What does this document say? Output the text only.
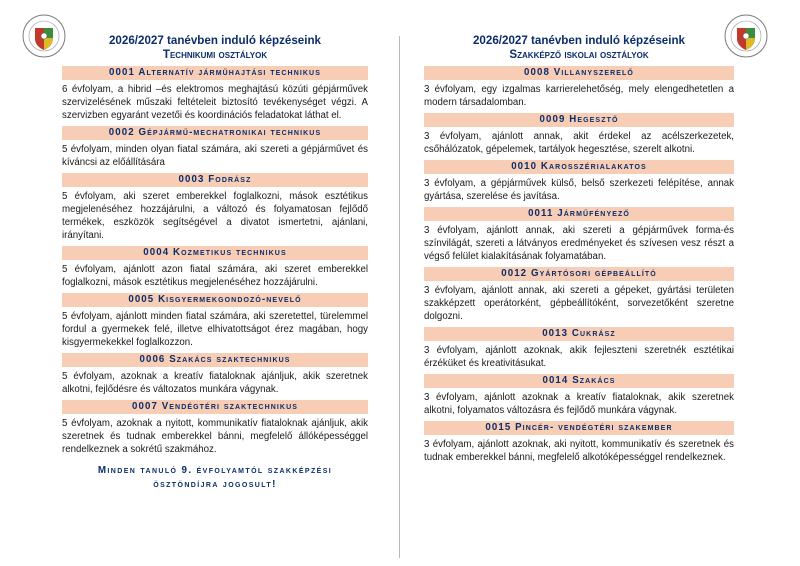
2026/2027 tanévben induló képzéseink
Technikumi osztályok
0001 Alternatív járműhajtási technikus

6 évfolyam, a hibrid –és elektromos meghajtású közúti gépjárművek szervizelésének műszaki feltételeit biztosító tevékenységet végzi. A szervizben egyaránt vezetői és koordinációs feladatokat láthat el.

0002 Gépjármű-mechatronikai technikus

5 évfolyam, minden olyan fiatal számára, aki szereti a gépjárművet és kíváncsi az előállítására

0003 Fodrász

5 évfolyam, aki szeret emberekkel foglalkozni, mások esztétikus megjelenéséhez hozzájárulni, a változó és folyamatosan fejlődő termékek, eszközök segítségével a divatot ismertetni, ajánlani, irányítani.

0004 Kozmetikus technikus

5 évfolyam, ajánlott azon fiatal számára, aki szeret emberekkel foglalkozni, mások esztétikus megjelenéséhez hozzájárulni.

0005 Kisgyermekgondozó-nevelő

5 évfolyam, ajánlott minden fiatal számára, aki szeretettel, türelemmel fordul a gyermekek felé, illetve elhivatottságot érez magában, hogy kisgyermekekkel foglalkozzon.

0006 Szakács szaktechnikus

5 évfolyam, azoknak a kreatív fiataloknak ajánljuk, akik szeretnek alkotni, fejlődésre és változatos munkára vágynak.

0007 Vendégtéri szaktechnikus

5 évfolyam, azoknak a nyitott, kommunikatív fiataloknak ajánljuk, akik szeretnek és tudnak emberekkel bánni, megfelelő állóképességgel rendelkeznek a sokrétű szakmához.

Minden tanuló 9. évfolyamtól szakképzési
ösztöndíjra jogosult!
2026/2027 tanévben induló képzéseink
Szakképző iskolai osztályok
0008 Villanyszerelő

3 évfolyam, egy izgalmas karrierelehetőség, mely elengedhetetlen a modern társadalomban.

0009 Hegesztő

3 évfolyam, ajánlott annak, akit érdekel az acélszerkezetek, csőhálózatok, gépelemek, tartályok hegesztése, szerelt alkotni.

0010 Karosszérialakatos

3 évfolyam, a gépjárművek külső, belső szerkezeti felépítése, annak gyártása, szerelése és javítása.

0011 Járműfényező

3 évfolyam, ajánlott annak, aki szereti a gépjárművek forma-és színvilágát, szereti a látványos eredményeket és szívesen vesz részt a végső felület kialakításának folyamatában.

0012 Gyártósori gépbeállító

3 évfolyam, ajánlott annak, aki szereti a gépeket, gyártási területen szakképzett operátorként, gépbeállítóként, sorvezetőként szeretne dolgozni.

0013 Cukrász

3 évfolyam, ajánlott azoknak, akik fejleszteni szeretnék esztétikai érzéküket és kreativitásukat.

0014 Szakács

3 évfolyam, ajánlott azoknak a kreatív fiataloknak, akik szeretnek alkotni, folyamatos változásra és fejlődő munkára vágynak.

0015 Pincér- vendégtéri szakember

3 évfolyam, ajánlott azoknak, aki nyitott, kommunikatív és szeretnek és tudnak emberekkel bánni, megfelelő alkotóképességgel rendelkeznek.
